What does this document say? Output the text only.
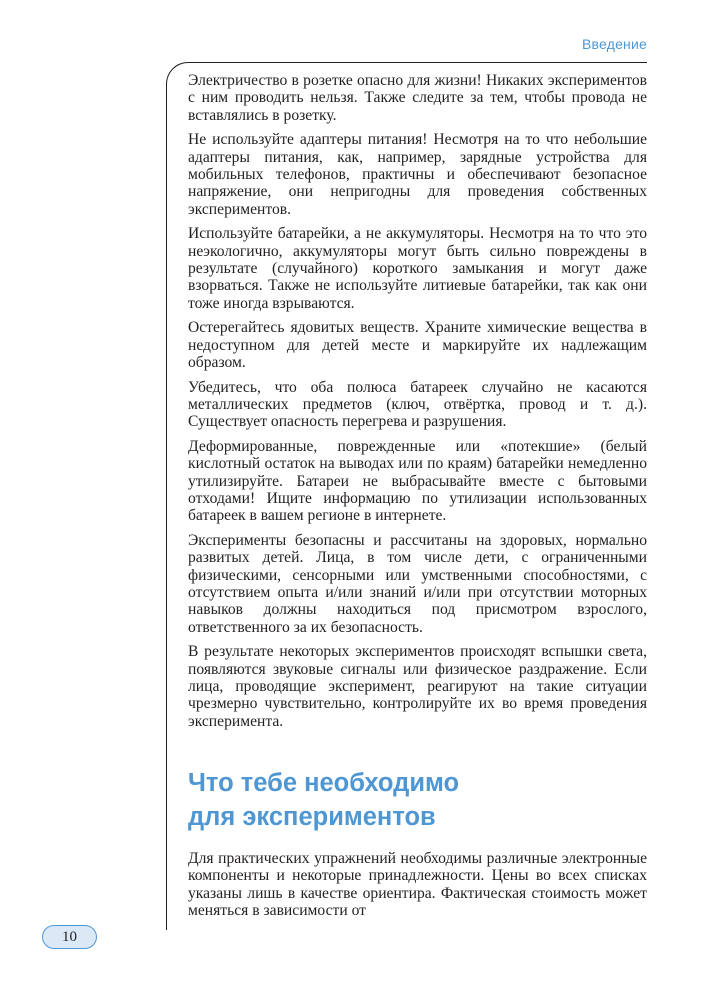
Введение

Электричество в розетке опасно для жизни! Никаких экспериментов с ним проводить нельзя. Также следите за тем, чтобы провода не вставлялись в розетку.

Не используйте адаптеры питания! Несмотря на то что небольшие адаптеры питания, как, например, зарядные устройства для мобильных телефонов, практичны и обеспечивают безопасное напряжение, они непригодны для проведения собственных экспериментов.

Используйте батарейки, а не аккумуляторы. Несмотря на то что это неэкологично, аккумуляторы могут быть сильно повреждены в результате (случайного) короткого замыкания и могут даже взорваться. Также не используйте литиевые батарейки, так как они тоже иногда взрываются.

Остерегайтесь ядовитых веществ. Храните химические вещества в недоступном для детей месте и маркируйте их надлежащим образом.

Убедитесь, что оба полюса батареек случайно не касаются металлических предметов (ключ, отвёртка, провод и т. д.). Существует опасность перегрева и разрушения.

Деформированные, поврежденные или «потекшие» (белый кислотный остаток на выводах или по краям) батарейки немедленно утилизируйте. Батареи не выбрасывайте вместе с бытовыми отходами! Ищите информацию по утилизации использованных батареек в вашем регионе в интернете.

Эксперименты безопасны и рассчитаны на здоровых, нормально развитых детей. Лица, в том числе дети, с ограниченными физическими, сенсорными или умственными способностями, с отсутствием опыта и/или знаний и/или при отсутствии моторных навыков должны находиться под присмотром взрослого, ответственного за их безопасность.

В результате некоторых экспериментов происходят вспышки света, появляются звуковые сигналы или физическое раздражение. Если лица, проводящие эксперимент, реагируют на такие ситуации чрезмерно чувствительно, контролируйте их во время проведения эксперимента.

Что тебе необходимо
для экспериментов

Для практических упражнений необходимы различные электронные компоненты и некоторые принадлежности. Цены во всех списках указаны лишь в качестве ориентира. Фактическая стоимость может меняться в зависимости от

10
